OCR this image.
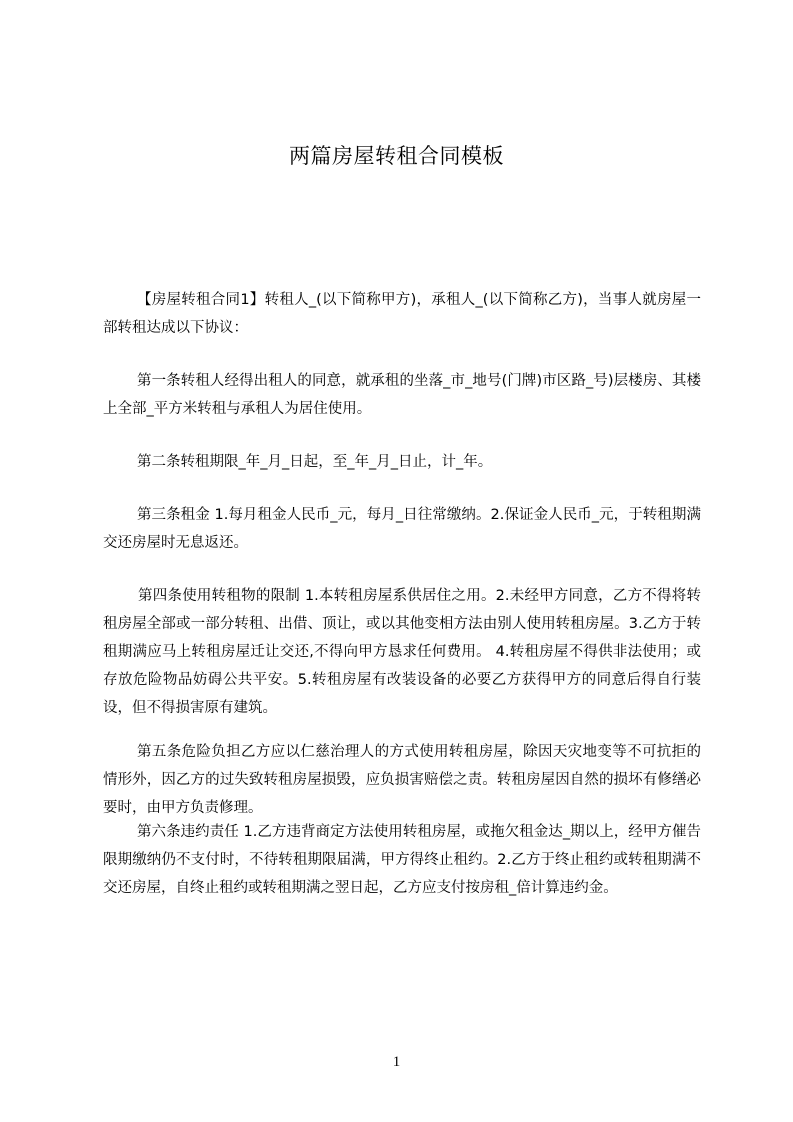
两篇房屋转租合同模板

【房屋转租合同1】转租人_(以下简称甲方)，承租人_(以下简称乙方)，当事人就房屋一部转租达成以下协议：

第一条转租人经得出租人的同意，就承租的坐落_市_地号(门牌)市区路_号)层楼房、其楼上全部_平方米转租与承租人为居住使用。

第二条转租期限_年_月_日起，至_年_月_日止，计_年。

第三条租金 1.每月租金人民币_元，每月_日往常缴纳。2.保证金人民币_元，于转租期满交还房屋时无息返还。

第四条使用转租物的限制 1.本转租房屋系供居住之用。2.未经甲方同意，乙方不得将转租房屋全部或一部分转租、出借、顶让，或以其他变相方法由别人使用转租房屋。3.乙方于转租期满应马上转租房屋迁让交还,不得向甲方恳求任何费用。 4.转租房屋不得供非法使用；或存放危险物品妨碍公共平安。5.转租房屋有改装设备的必要乙方获得甲方的同意后得自行装设，但不得损害原有建筑。

第五条危险负担乙方应以仁慈治理人的方式使用转租房屋，除因天灾地变等不可抗拒的情形外，因乙方的过失致转租房屋损毁，应负损害赔偿之责。转租房屋因自然的损坏有修缮必要时，由甲方负责修理。

第六条违约责任 1.乙方违背商定方法使用转租房屋，或拖欠租金达_期以上，经甲方催告限期缴纳仍不支付时，不待转租期限届满，甲方得终止租约。2.乙方于终止租约或转租期满不交还房屋，自终止租约或转租期满之翌日起，乙方应支付按房租_倍计算违约金。

1
